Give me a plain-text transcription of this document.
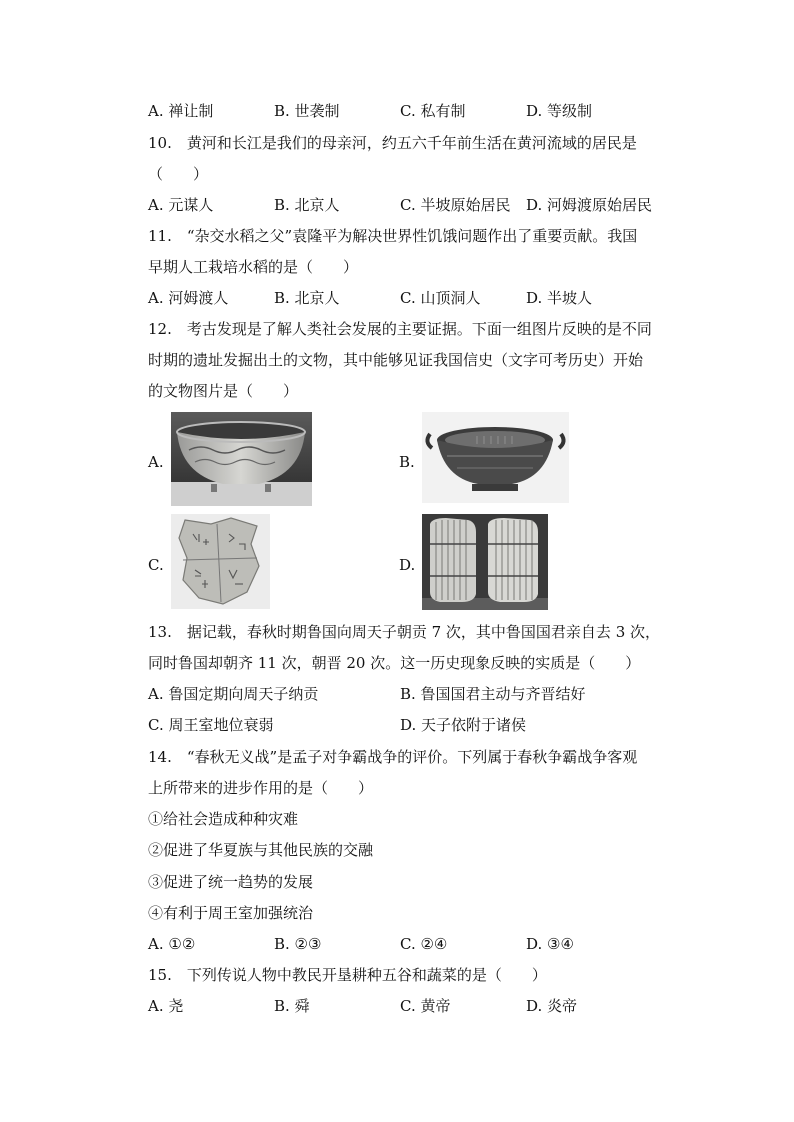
A. 禅让制	B. 世袭制	C. 私有制	D. 等级制
10.　黄河和长江是我们的母亲河，约五六千年前生活在黄河流域的居民是
（　　）
A. 元谋人	B. 北京人	C. 半坡原始居民 D. 河姆渡原始居民
11.　“杂交水稻之父”袁隆平为解决世界性饥饿问题作出了重要贡献。我国
早期人工栽培水稻的是（　　）
A. 河姆渡人	B. 北京人	C. 山顶洞人	D. 半坡人
12.　考古发现是了解人类社会发展的主要证据。下面一组图片反映的是不同
时期的遗址发掘出土的文物，其中能够见证我国信史（文字可考历史）开始
的文物图片是（　　）
A.	B.
C.	D.
13.　据记载，春秋时期鲁国向周天子朝贡 7 次，其中鲁国国君亲自去 3 次，
同时鲁国却朝齐 11 次，朝晋 20 次。这一历史现象反映的实质是（　　）
A. 鲁国定期向周天子纳贡	B. 鲁国国君主动与齐晋结好
C. 周王室地位衰弱	D. 天子依附于诸侯
14.　“春秋无义战”是孟子对争霸战争的评价。下列属于春秋争霸战争客观
上所带来的进步作用的是（　　）
①给社会造成种种灾难
②促进了华夏族与其他民族的交融
③促进了统一趋势的发展
④有利于周王室加强统治
A. ①②	B. ②③	C. ②④	D. ③④
15.　下列传说人物中教民开垦耕种五谷和蔬菜的是（　　）
A. 尧	B. 舜	C. 黄帝	D. 炎帝
